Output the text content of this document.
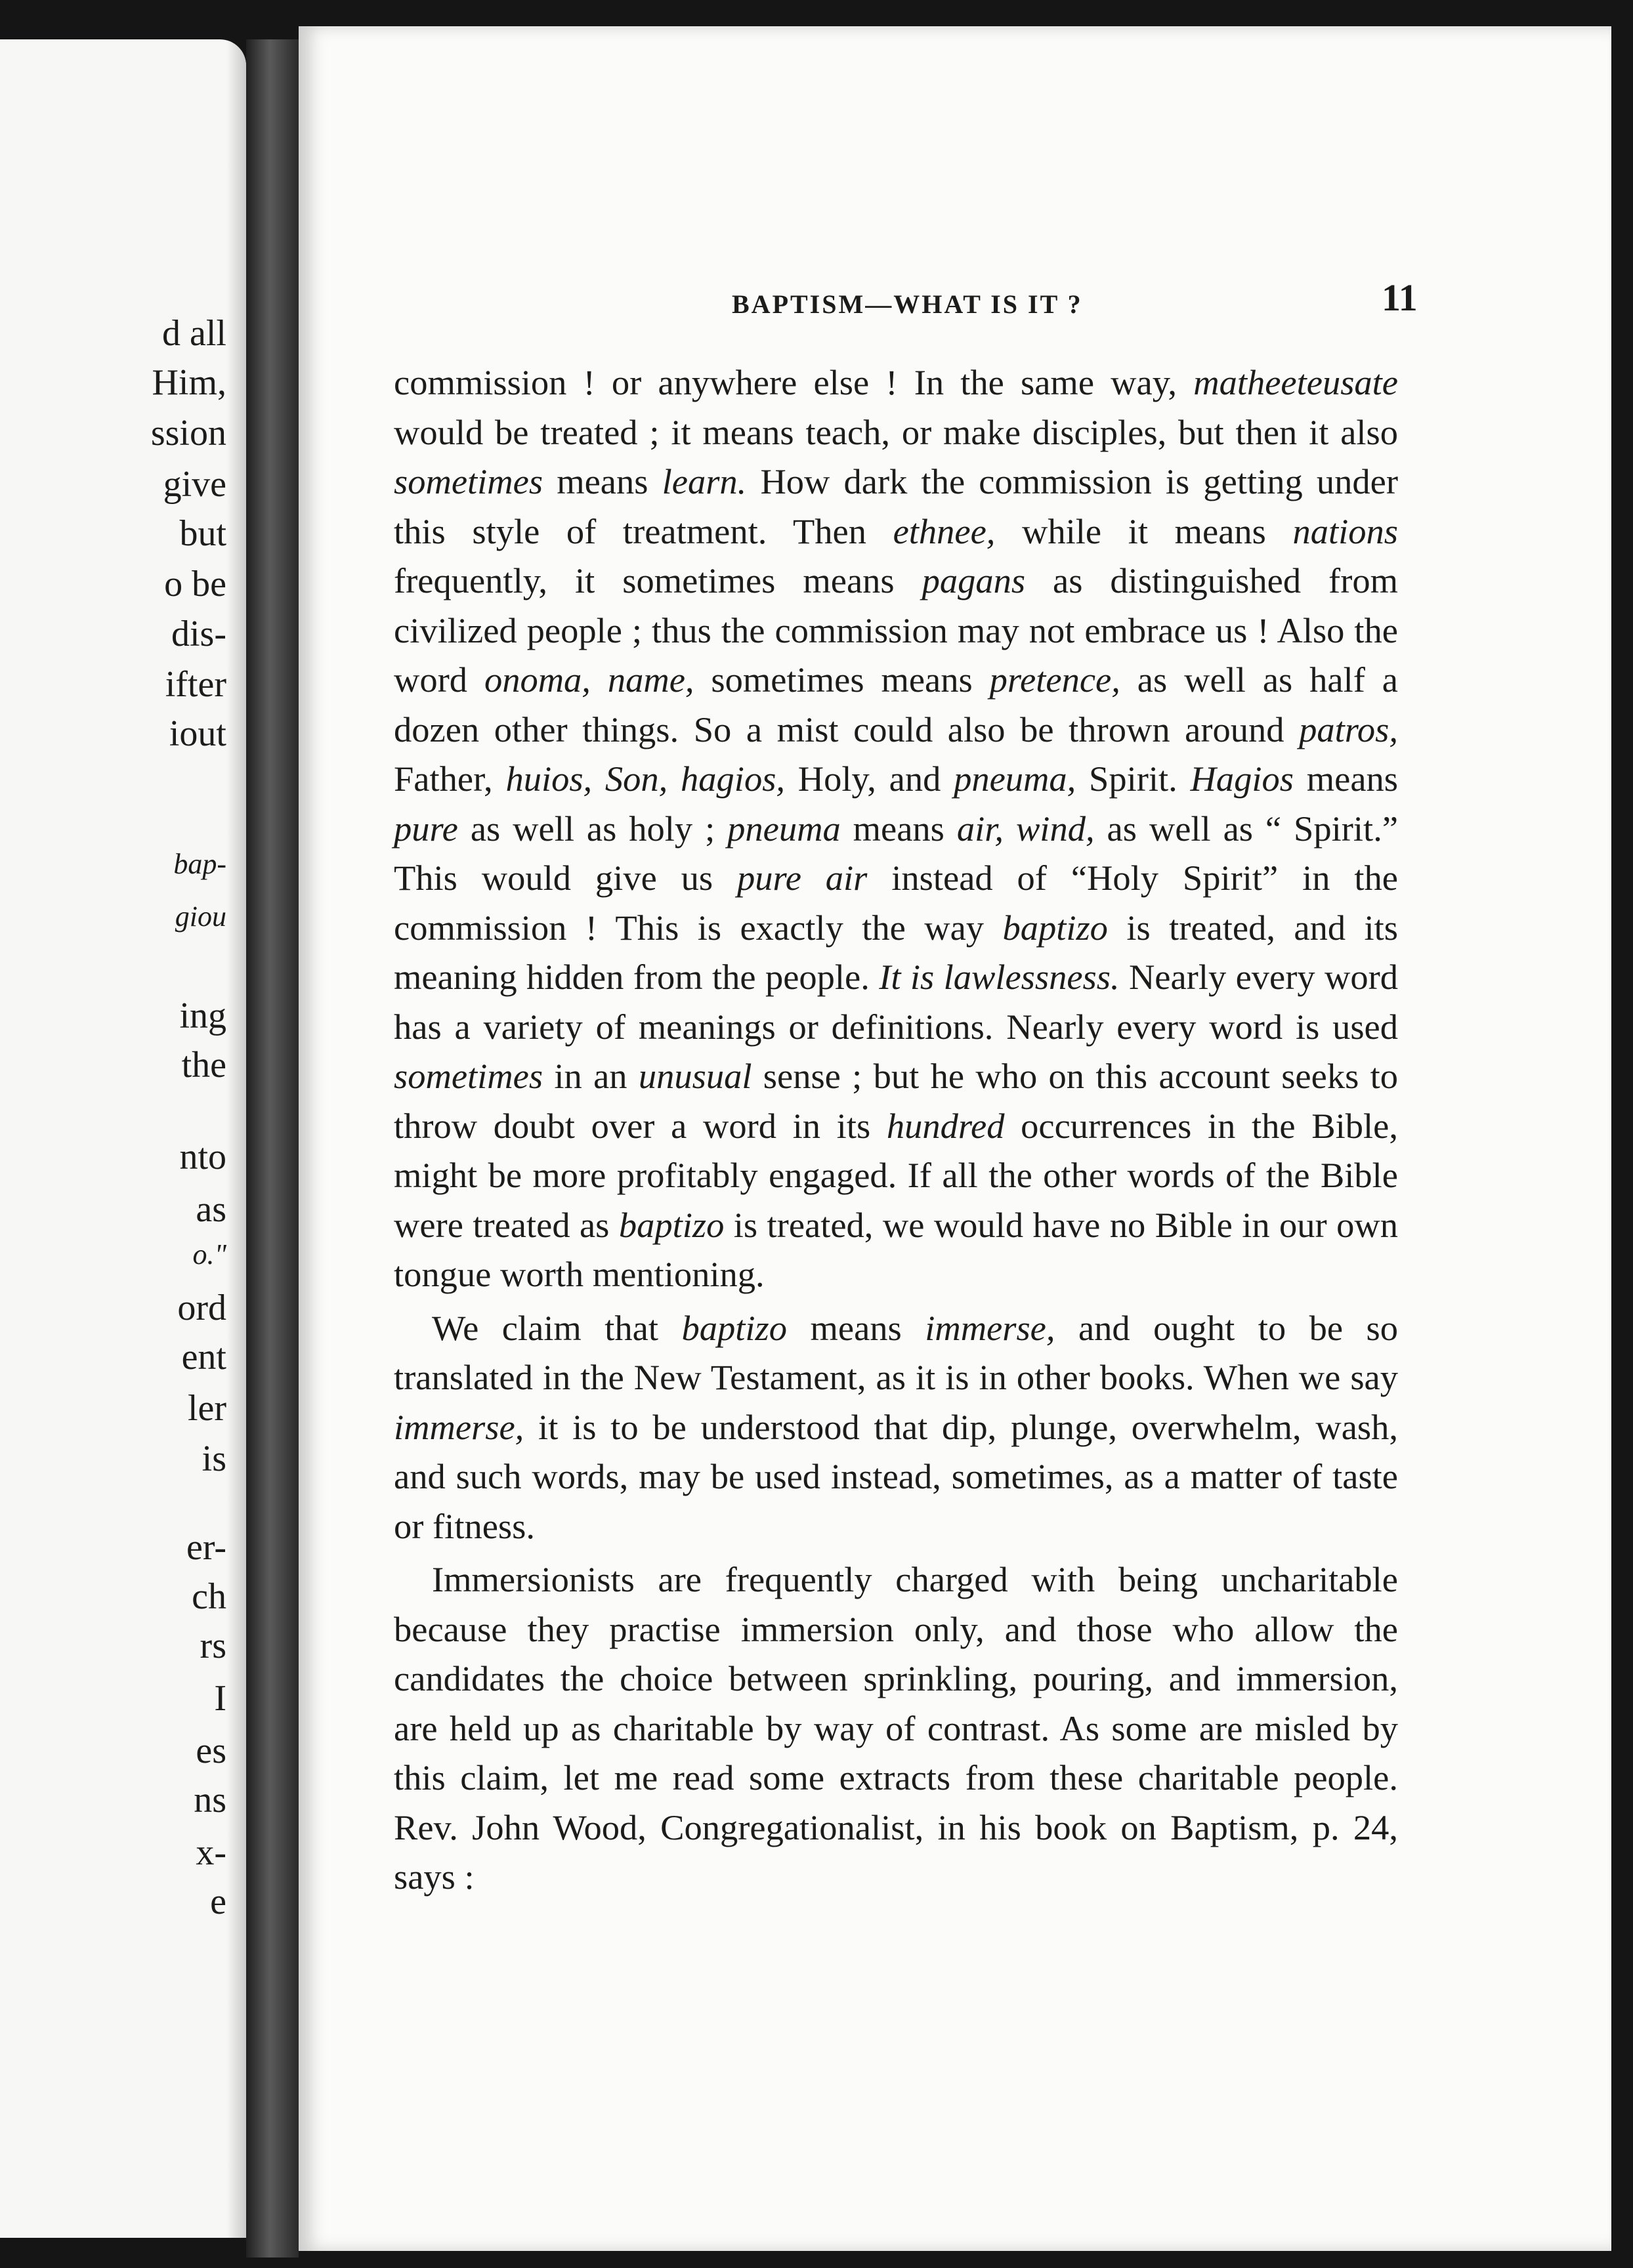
d all
Him,
ssion
give
but
o be
dis-
ifter
iout
bap-
giou
ing
the
nto
as
o."
ord
ent
ler
is
er-
ch
rs
I
es
ns
x-
e
BAPTISM—WHAT IS IT ?	11

commission ! or anywhere else ! In the same way, matheeteusate would be treated ; it means teach, or make disciples, but then it also sometimes means learn. How dark the commission is getting under this style of treatment. Then ethnee, while it means nations frequently, it sometimes means pagans as distinguished from civilized people ; thus the commission may not embrace us ! Also the word onoma, name, sometimes means pretence, as well as half a dozen other things. So a mist could also be thrown around patros, Father, huios, Son, hagios, Holy, and pneuma, Spirit. Hagios means pure as well as holy ; pneuma means air, wind, as well as “ Spirit.” This would give us pure air instead of “Holy Spirit” in the commission ! This is exactly the way baptizo is treated, and its meaning hidden from the people. It is lawlessness. Nearly every word has a variety of meanings or definitions. Nearly every word is used sometimes in an unusual sense ; but he who on this account seeks to throw doubt over a word in its hundred occurrences in the Bible, might be more profitably engaged. If all the other words of the Bible were treated as baptizo is treated, we would have no Bible in our own tongue worth mentioning.

We claim that baptizo means immerse, and ought to be so translated in the New Testament, as it is in other books. When we say immerse, it is to be understood that dip, plunge, overwhelm, wash, and such words, may be used instead, sometimes, as a matter of taste or fitness.

Immersionists are frequently charged with being uncharitable because they practise immersion only, and those who allow the candidates the choice between sprinkling, pouring, and immersion, are held up as charitable by way of contrast. As some are misled by this claim, let me read some extracts from these charitable people. Rev. John Wood, Congregationalist, in his book on Baptism, p. 24, says :
